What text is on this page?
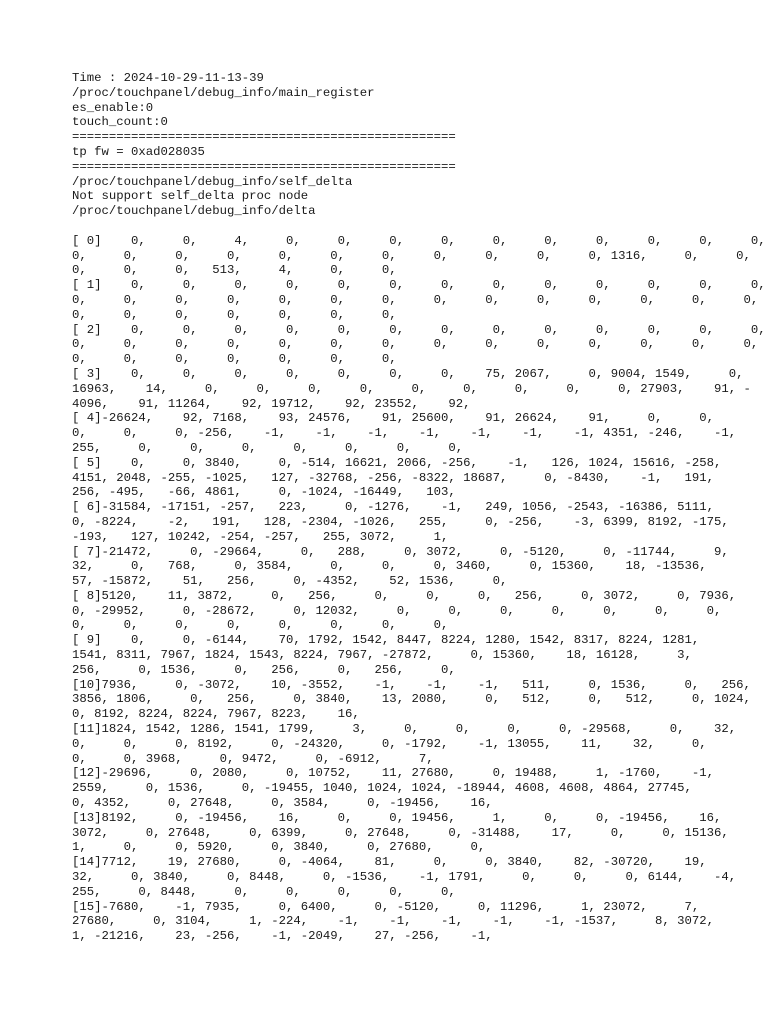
Time : 2024-10-29-11-13-39
/proc/touchpanel/debug_info/main_register
es_enable:0
touch_count:0
====================================================
tp fw = 0xad028035
====================================================
/proc/touchpanel/debug_info/self_delta
Not support self_delta proc node
/proc/touchpanel/debug_info/delta
[ 0]    0,     0,     4,     0,     0,     0,     0,     0,     0,     0,     0,     0,     0,
0,     0,     0,     0,     0,     0,     0,     0,     0,     0,     0, 1316,     0,     0,
0,     0,     0,   513,     4,     0,     0,
[ 1]    0,     0,     0,     0,     0,     0,     0,     0,     0,     0,     0,     0,     0,
0,     0,     0,     0,     0,     0,     0,     0,     0,     0,     0,     0,     0,     0,
0,     0,     0,     0,     0,     0,     0,
[ 2]    0,     0,     0,     0,     0,     0,     0,     0,     0,     0,     0,     0,     0,
0,     0,     0,     0,     0,     0,     0,     0,     0,     0,     0,     0,     0,     0,
0,     0,     0,     0,     0,     0,     0,
[ 3]    0,     0,     0,     0,     0,     0,     0,    75, 2067,     0, 9004, 1549,     0,
16963,    14,     0,     0,     0,     0,     0,     0,     0,     0,     0, 27903,    91, -
4096,    91, 11264,    92, 19712,    92, 23552,    92,
[ 4]-26624,    92, 7168,    93, 24576,    91, 25600,    91, 26624,    91,     0,     0,
0,     0,     0, -256,    -1,    -1,    -1,    -1,    -1,    -1,    -1, 4351, -246,    -1,
255,     0,     0,     0,     0,     0,     0,     0,
[ 5]    0,     0, 3840,     0, -514, 16621, 2066, -256,    -1,   126, 1024, 15616, -258,
4151, 2048, -255, -1025,   127, -32768, -256, -8322, 18687,     0, -8430,    -1,   191,
256, -495,   -66, 4861,     0, -1024, -16449,   103,
[ 6]-31584, -17151, -257,   223,     0, -1276,    -1,   249, 1056, -2543, -16386, 5111,
0, -8224,    -2,   191,   128, -2304, -1026,   255,     0, -256,    -3, 6399, 8192, -175,
-193,   127, 10242, -254, -257,   255, 3072,     1,
[ 7]-21472,     0, -29664,     0,   288,     0, 3072,     0, -5120,     0, -11744,     9,
32,     0,   768,     0, 3584,     0,     0,     0, 3460,     0, 15360,    18, -13536,
57, -15872,    51,   256,     0, -4352,    52, 1536,     0,
[ 8]5120,    11, 3872,     0,   256,     0,     0,     0,   256,     0, 3072,     0, 7936,
0, -29952,     0, -28672,     0, 12032,     0,     0,     0,     0,     0,     0,     0,
0,     0,     0,     0,     0,     0,     0,     0,
[ 9]    0,     0, -6144,    70, 1792, 1542, 8447, 8224, 1280, 1542, 8317, 8224, 1281,
1541, 8311, 7967, 1824, 1543, 8224, 7967, -27872,     0, 15360,    18, 16128,     3,
256,     0, 1536,     0,   256,     0,   256,     0,
[10]7936,     0, -3072,    10, -3552,    -1,    -1,    -1,   511,     0, 1536,     0,   256,
3856, 1806,     0,   256,     0, 3840,    13, 2080,     0,   512,     0,   512,     0, 1024,
0, 8192, 8224, 8224, 7967, 8223,    16,
[11]1824, 1542, 1286, 1541, 1799,     3,     0,     0,     0,     0, -29568,     0,    32,
0,     0,     0, 8192,     0, -24320,     0, -1792,    -1, 13055,    11,    32,     0,
0,     0, 3968,     0, 9472,     0, -6912,     7,
[12]-29696,     0, 2080,     0, 10752,    11, 27680,     0, 19488,     1, -1760,    -1,
2559,     0, 1536,     0, -19455, 1040, 1024, 1024, -18944, 4608, 4608, 4864, 27745,
0, 4352,     0, 27648,     0, 3584,     0, -19456,    16,
[13]8192,     0, -19456,    16,     0,     0, 19456,     1,     0,     0, -19456,    16,
3072,     0, 27648,     0, 6399,     0, 27648,     0, -31488,    17,     0,     0, 15136,
1,     0,     0, 5920,     0, 3840,     0, 27680,     0,
[14]7712,    19, 27680,     0, -4064,    81,     0,     0, 3840,    82, -30720,    19,
32,     0, 3840,     0, 8448,     0, -1536,    -1, 1791,     0,     0,     0, 6144,    -4,
255,     0, 8448,     0,     0,     0,     0,     0,
[15]-7680,    -1, 7935,     0, 6400,     0, -5120,     0, 11296,     1, 23072,     7,
27680,     0, 3104,     1, -224,    -1,    -1,    -1,    -1,    -1, -1537,     8, 3072,
1, -21216,    23, -256,    -1, -2049,    27, -256,    -1,
